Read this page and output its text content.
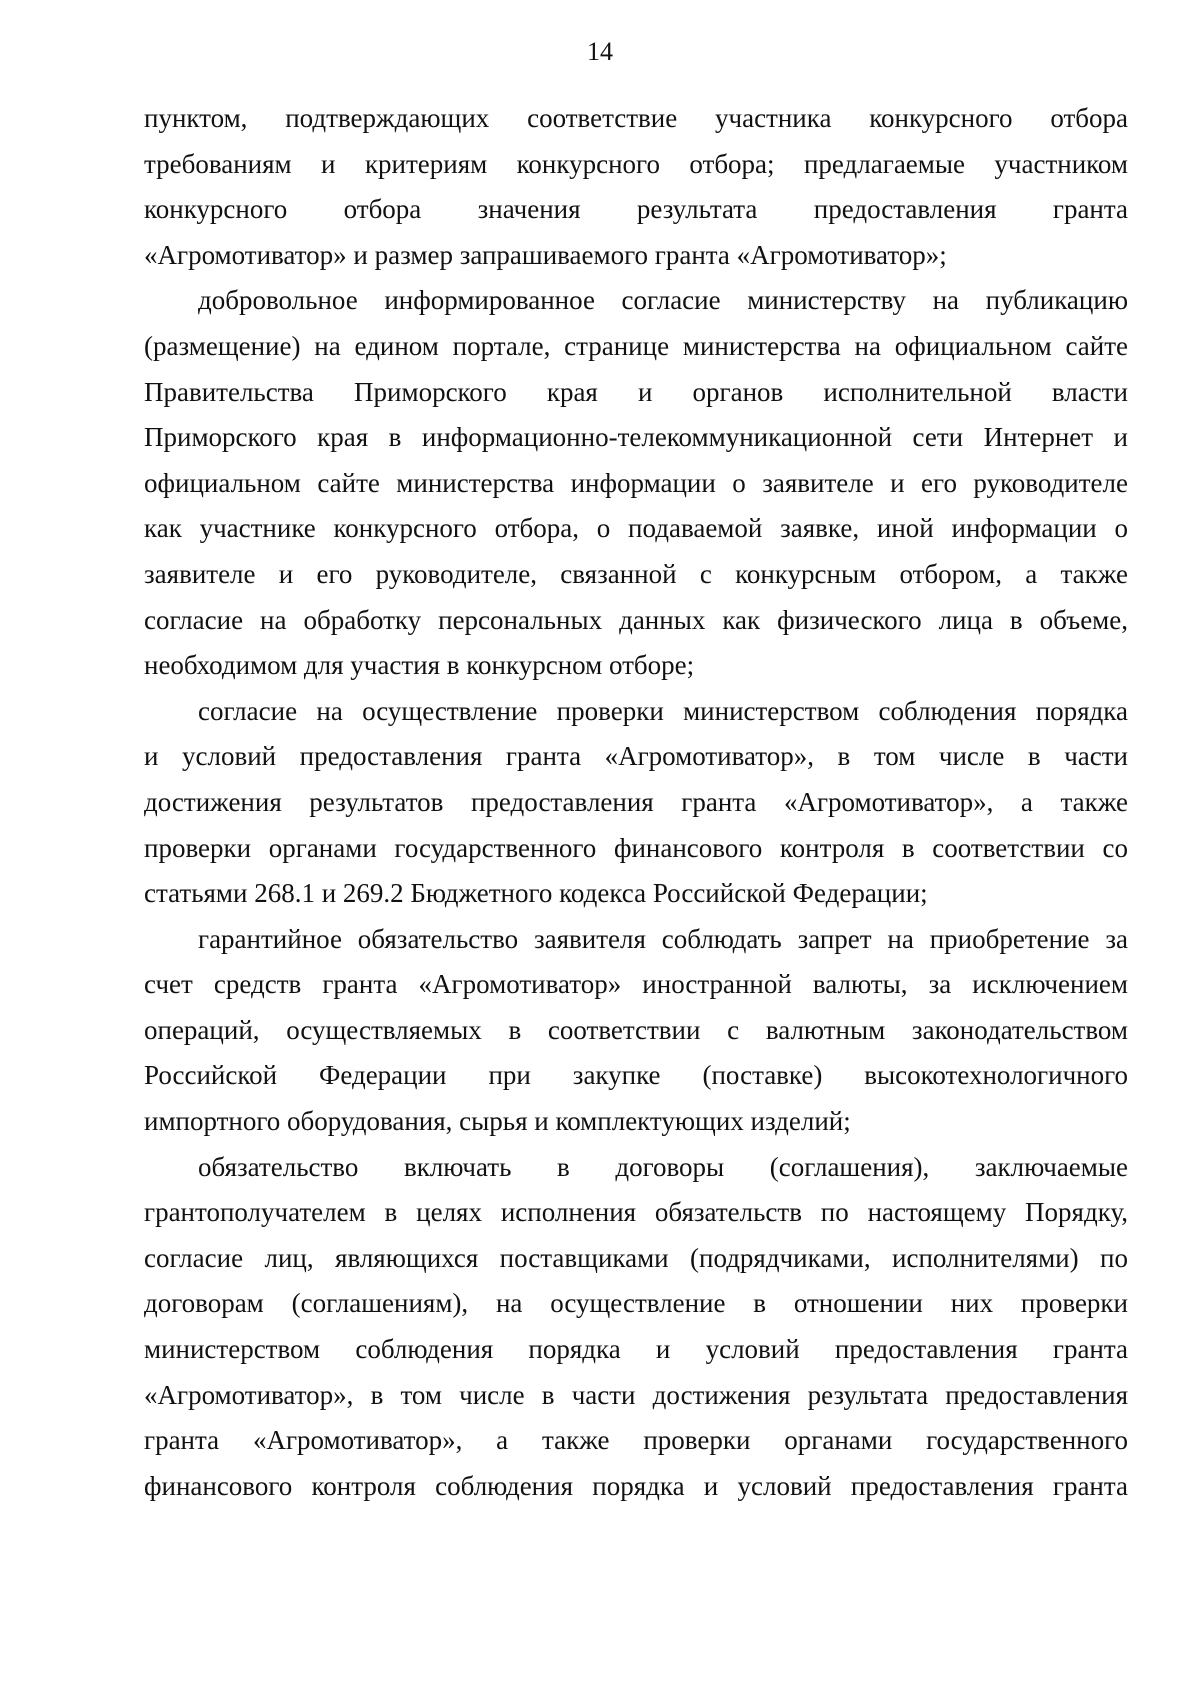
14
пунктом, подтверждающих соответствие участника конкурсного отбора
требованиям и критериям конкурсного отбора; предлагаемые участником
конкурсного отбора значения результата предоставления гранта
«Агромотиватор» и размер запрашиваемого гранта «Агромотиватор»;
добровольное информированное согласие министерству на публикацию
(размещение) на едином портале, странице министерства на официальном сайте
Правительства Приморского края и органов исполнительной власти
Приморского края в информационно-телекоммуникационной сети Интернет и
официальном сайте министерства информации о заявителе и его руководителе
как участнике конкурсного отбора, о подаваемой заявке, иной информации о
заявителе и его руководителе, связанной с конкурсным отбором, а также
согласие на обработку персональных данных как физического лица в объеме,
необходимом для участия в конкурсном отборе;
согласие на осуществление проверки министерством соблюдения порядка
и условий предоставления гранта «Агромотиватор», в том числе в части
достижения результатов предоставления гранта «Агромотиватор», а также
проверки органами государственного финансового контроля в соответствии со
статьями 268.1 и 269.2 Бюджетного кодекса Российской Федерации;
гарантийное обязательство заявителя соблюдать запрет на приобретение за
счет средств гранта «Агромотиватор» иностранной валюты, за исключением
операций, осуществляемых в соответствии с валютным законодательством
Российской Федерации при закупке (поставке) высокотехнологичного
импортного оборудования, сырья и комплектующих изделий;
обязательство включать в договоры (соглашения), заключаемые
грантополучателем в целях исполнения обязательств по настоящему Порядку,
согласие лиц, являющихся поставщиками (подрядчиками, исполнителями) по
договорам (соглашениям), на осуществление в отношении них проверки
министерством соблюдения порядка и условий предоставления гранта
«Агромотиватор», в том числе в части достижения результата предоставления
гранта «Агромотиватор», а также проверки органами государственного
финансового контроля соблюдения порядка и условий предоставления гранта
